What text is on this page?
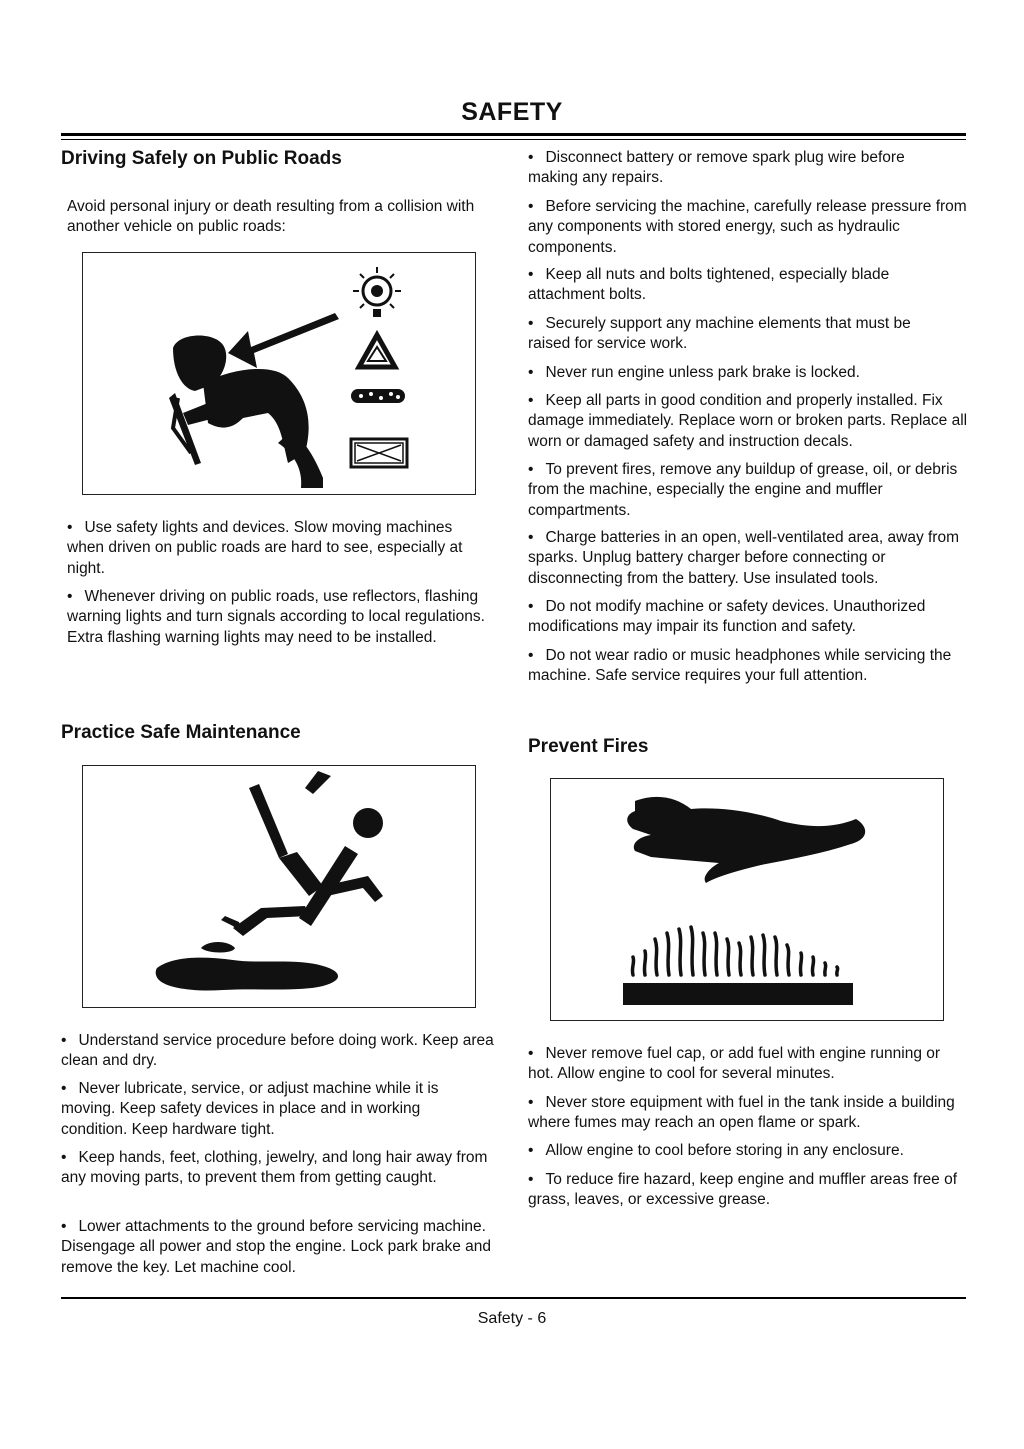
SAFETY
Driving Safely on Public Roads
Avoid personal injury or death resulting from a collision with another vehicle on public roads:
• Use safety lights and devices. Slow moving machines when driven on public roads are hard to see, especially at night.
• Whenever driving on public roads, use reflectors, flashing warning lights and turn signals according to local regulations. Extra flashing warning lights may need to be installed.
Practice Safe Maintenance
• Understand service procedure before doing work. Keep area clean and dry.
• Never lubricate, service, or adjust machine while it is moving. Keep safety devices in place and in working condition. Keep hardware tight.
• Keep hands, feet, clothing, jewelry, and long hair away from any moving parts, to prevent them from getting caught.
• Lower attachments to the ground before servicing machine. Disengage all power and stop the engine. Lock park brake and remove the key. Let machine cool.
• Disconnect battery or remove spark plug wire before making any repairs.
• Before servicing the machine, carefully release pressure from any components with stored energy, such as hydraulic components.
• Keep all nuts and bolts tightened, especially blade attachment bolts.
• Securely support any machine elements that must be raised for service work.
• Never run engine unless park brake is locked.
• Keep all parts in good condition and properly installed. Fix damage immediately. Replace worn or broken parts. Replace all worn or damaged safety and instruction decals.
• To prevent fires, remove any buildup of grease, oil, or debris from the machine, especially the engine and muffler compartments.
• Charge batteries in an open, well-ventilated area, away from sparks. Unplug battery charger before connecting or disconnecting from the battery. Use insulated tools.
• Do not modify machine or safety devices. Unauthorized modifications may impair its function and safety.
• Do not wear radio or music headphones while servicing the machine. Safe service requires your full attention.
Prevent Fires
• Never remove fuel cap, or add fuel with engine running or hot. Allow engine to cool for several minutes.
• Never store equipment with fuel in the tank inside a building where fumes may reach an open flame or spark.
• Allow engine to cool before storing in any enclosure.
• To reduce fire hazard, keep engine and muffler areas free of grass, leaves, or excessive grease.
Safety - 6
